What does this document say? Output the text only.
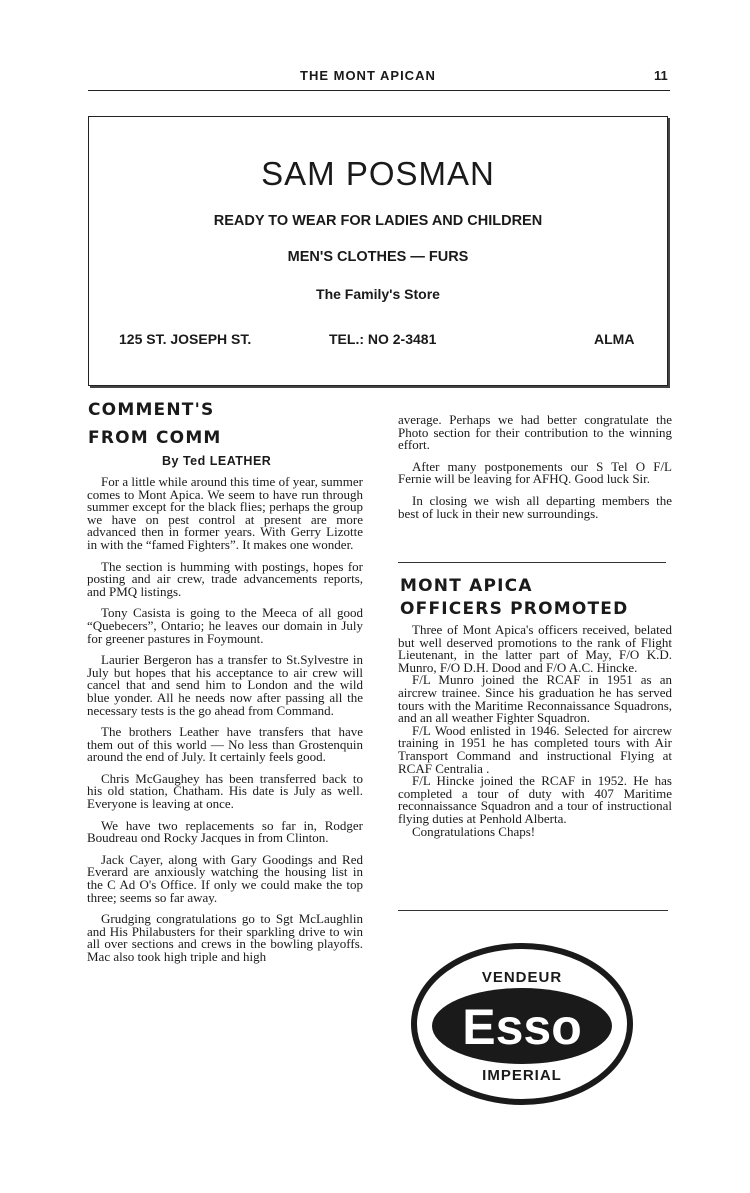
THE MONT APICAN	11
SAM POSMAN
READY TO WEAR FOR LADIES AND CHILDREN
MEN'S CLOTHES — FURS
The Family's Store
125 ST. JOSEPH ST.	TEL.: NO 2-3481	ALMA
COMMENT'S
FROM COMM
By Ted LEATHER

For a little while around this time of year, summer comes to Mont Apica. We seem to have run through summer except for the black flies; perhaps the group we have on pest control at present are more advanced then in former years. With Gerry Lizotte in with the “famed Fighters”. It makes one wonder.

The section is humming with postings, hopes for posting and air crew, trade advancements reports, and PMQ listings.

Tony Casista is going to the Meeca of all good “Quebecers”, Ontario; he leaves our domain in July for greener pastures in Foymount.

Laurier Bergeron has a transfer to St.Sylvestre in July but hopes that his acceptance to air crew will cancel that and send him to London and the wild blue yonder. All he needs now after passing all the necessary tests is the go ahead from Command.

The brothers Leather have transfers that have them out of this world — No less than Grostenquin around the end of July. It certainly feels good.

Chris McGaughey has been transferred back to his old station, Chatham. His date is July as well. Everyone is leaving at once.

We have two replacements so far in, Rodger Boudreau ond Rocky Jacques in from Clinton.

Jack Cayer, along with Gary Goodings and Red Everard are anxiously watching the housing list in the C Ad O's Office. If only we could make the top three; seems so far away.

Grudging congratulations go to Sgt McLaughlin and His Philabusters for their sparkling drive to win all over sections and crews in the bowling playoffs. Mac also took high triple and high

average. Perhaps we had better congratulate the Photo section for their contribution to the winning effort.

After many postponements our S Tel O F/L Fernie will be leaving for AFHQ. Good luck Sir.

In closing we wish all departing members the best of luck in their new surroundings.

MONT APICA
OFFICERS PROMOTED

Three of Mont Apica's officers received, belated but well deserved promotions to the rank of Flight Lieutenant, in the latter part of May, F/O K.D. Munro, F/O D.H. Dood and F/O A.C. Hincke.

F/L Munro joined the RCAF in 1951 as an aircrew trainee. Since his graduation he has served tours with the Maritime Reconnaissance Squadrons, and an all weather Fighter Squadron.

F/L Wood enlisted in 1946. Selected for aircrew training in 1951 he has completed tours with Air Transport Command and instructional Flying at RCAF Centralia .

F/L Hincke joined the RCAF in 1952. He has completed a tour of duty with 407 Maritime reconnaissance Squadron and a tour of instructional flying duties at Penhold Alberta.

Congratulations Chaps!

VENDEUR
Esso
IMPERIAL
